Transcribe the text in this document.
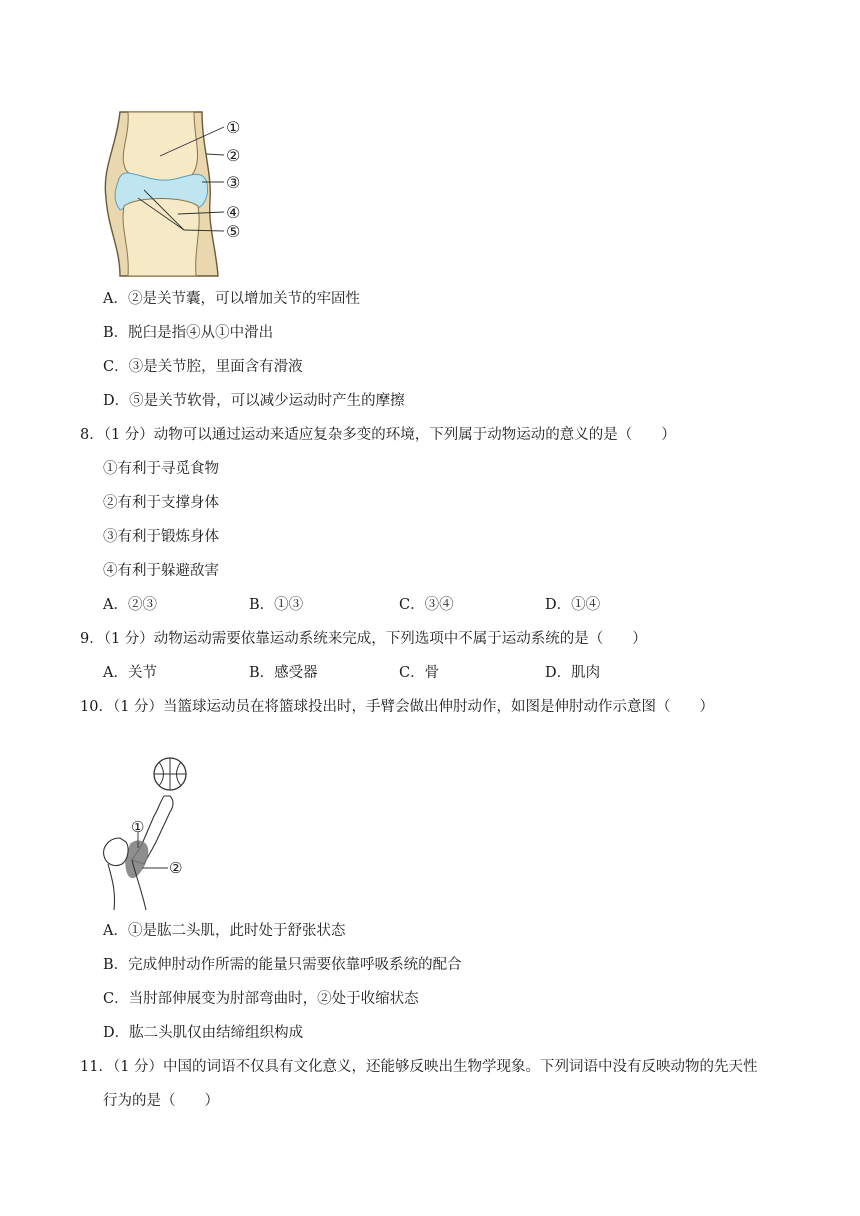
①
②
③
④
⑤
A．②是关节囊，可以增加关节的牢固性
B．脱臼是指④从①中滑出
C．③是关节腔，里面含有滑液
D．⑤是关节软骨，可以减少运动时产生的摩擦
8．（1 分）动物可以通过运动来适应复杂多变的环境，下列属于动物运动的意义的是（　　）
①有利于寻觅食物
②有利于支撑身体
③有利于锻炼身体
④有利于躲避敌害
A．②③	B．①③	C．③④	D．①④
9．（1 分）动物运动需要依靠运动系统来完成，下列选项中不属于运动系统的是（　　）
A．关节	B．感受器	C．骨	D．肌肉
10．（1 分）当篮球运动员在将篮球投出时，手臂会做出伸肘动作，如图是伸肘动作示意图（　　）
①
②
A．①是肱二头肌，此时处于舒张状态
B．完成伸肘动作所需的能量只需要依靠呼吸系统的配合
C．当肘部伸展变为肘部弯曲时，②处于收缩状态
D．肱二头肌仅由结缔组织构成
11．（1 分）中国的词语不仅具有文化意义，还能够反映出生物学现象。下列词语中没有反映动物的先天性
行为的是（　　）
